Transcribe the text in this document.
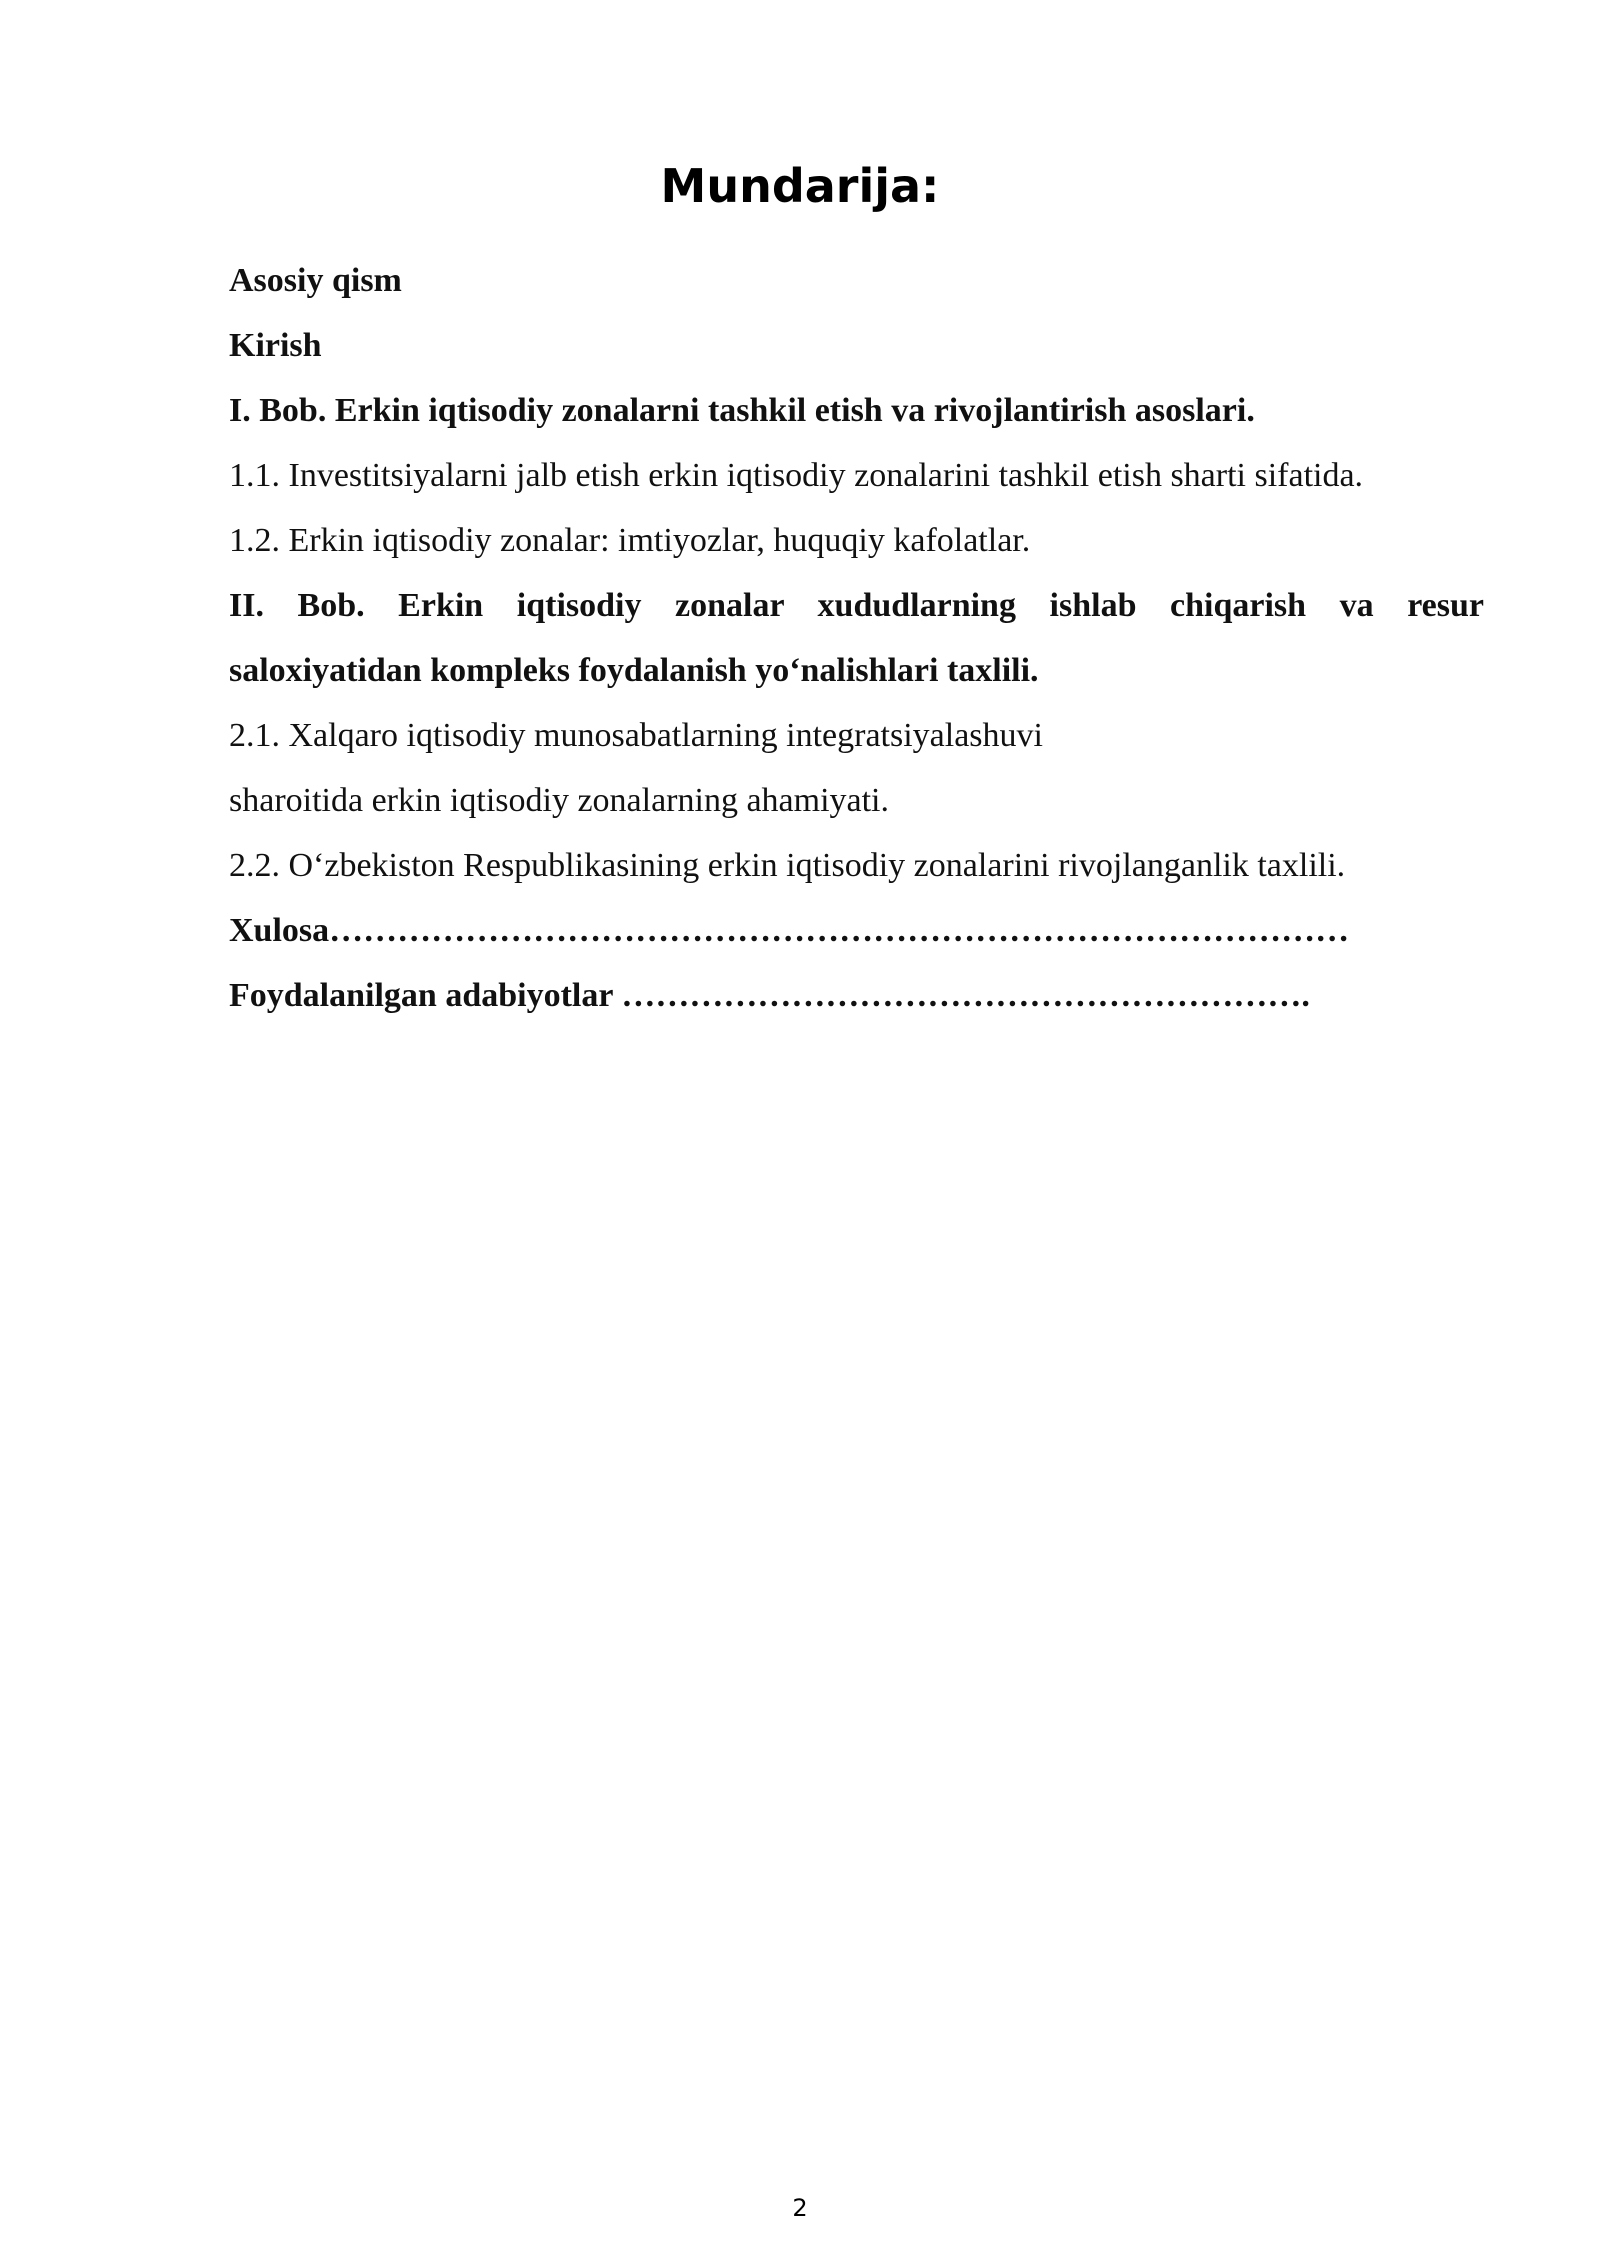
Mundarija:
Asosiy qism
Kirish
I. Bob. Erkin iqtisodiy zonalarni tashkil etish va rivojlantirish asoslari.
1.1. Investitsiyalarni jalb etish erkin iqtisodiy zonalarini tashkil etish sharti sifatida.
1.2. Erkin iqtisodiy zonalar: imtiyozlar, huquqiy kafolatlar.
II. Bob. Erkin iqtisodiy zonalar xududlarning ishlab chiqarish va resur
saloxiyatidan kompleks foydalanish yo‘nalishlari taxlili.
2.1. Xalqaro iqtisodiy munosabatlarning integratsiyalashuvi
sharoitida erkin iqtisodiy zonalarning ahamiyati.
2.2. O‘zbekiston Respublikasining erkin iqtisodiy zonalarini rivojlanganlik taxlili.
Xulosa………………………………………………………………………………
Foydalanilgan adabiyotlar …………………………………………………….
2
